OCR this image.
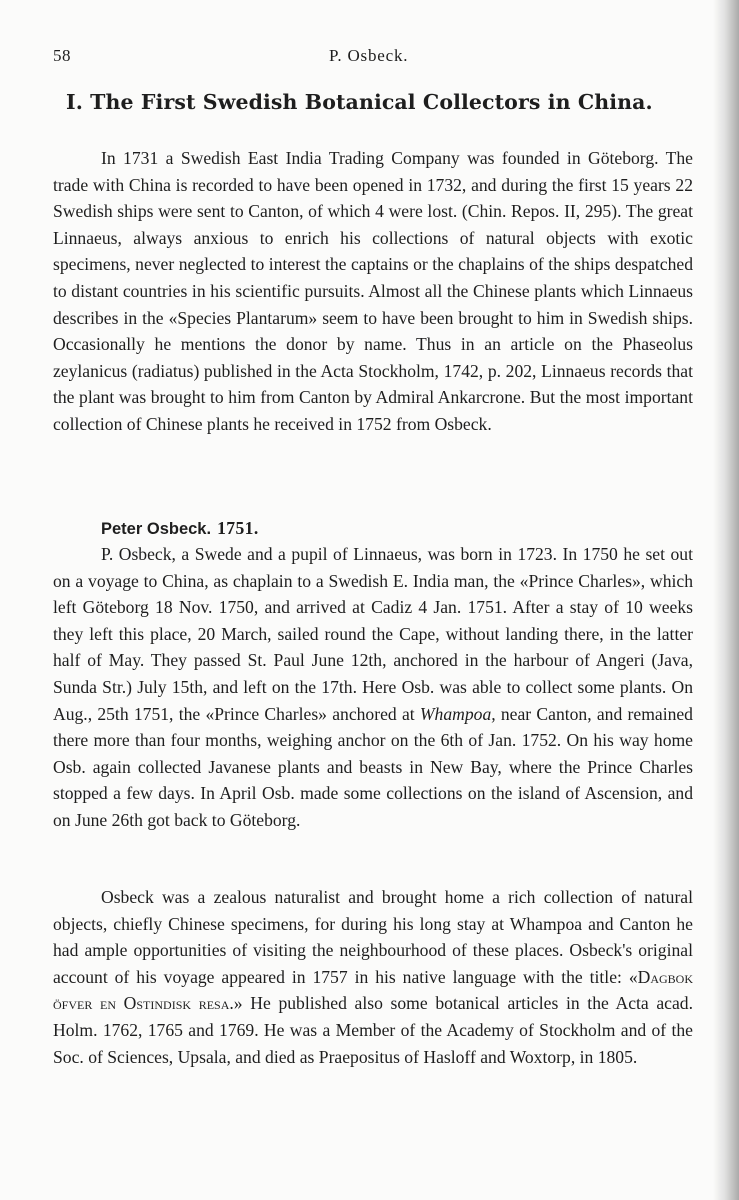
58	P. Osbeck.
I. The First Swedish Botanical Collectors in China.

In 1731 a Swedish East India Trading Company was founded in Göteborg. The trade with China is recorded to have been opened in 1732, and during the first 15 years 22 Swedish ships were sent to Canton, of which 4 were lost. (Chin. Repos. II, 295). The great Linnaeus, always anxious to enrich his collections of natural objects with exotic specimens, never neglected to interest the captains or the chaplains of the ships despatched to distant countries in his scientific pursuits. Almost all the Chinese plants which Linnaeus describes in the «Species Plantarum» seem to have been brought to him in Swedish ships. Occasionally he mentions the donor by name. Thus in an article on the Phaseolus zeylanicus (radiatus) published in the Acta Stockholm, 1742, p. 202, Linnaeus records that the plant was brought to him from Canton by Admiral Ankarcrone. But the most important collection of Chinese plants he received in 1752 from Osbeck.

Peter Osbeck. 1751.

P. Osbeck, a Swede and a pupil of Linnaeus, was born in 1723. In 1750 he set out on a voyage to China, as chaplain to a Swedish E. India man, the «Prince Charles», which left Göteborg 18 Nov. 1750, and arrived at Cadiz 4 Jan. 1751. After a stay of 10 weeks they left this place, 20 March, sailed round the Cape, without landing there, in the latter half of May. They passed St. Paul June 12th, anchored in the harbour of Angeri (Java, Sunda Str.) July 15th, and left on the 17th. Here Osb. was able to collect some plants. On Aug., 25th 1751, the «Prince Charles» anchored at Whampoa, near Canton, and remained there more than four months, weighing anchor on the 6th of Jan. 1752. On his way home Osb. again collected Javanese plants and beasts in New Bay, where the Prince Charles stopped a few days. In April Osb. made some collections on the island of Ascension, and on June 26th got back to Göteborg.

Osbeck was a zealous naturalist and brought home a rich collection of natural objects, chiefly Chinese specimens, for during his long stay at Whampoa and Canton he had ample opportunities of visiting the neighbourhood of these places. Osbeck's original account of his voyage appeared in 1757 in his native language with the title: «Dagbok öfver en Ostindisk resa.» He published also some botanical articles in the Acta acad. Holm. 1762, 1765 and 1769. He was a Member of the Academy of Stockholm and of the Soc. of Sciences, Upsala, and died as Praepositus of Hasloff and Woxtorp, in 1805.
